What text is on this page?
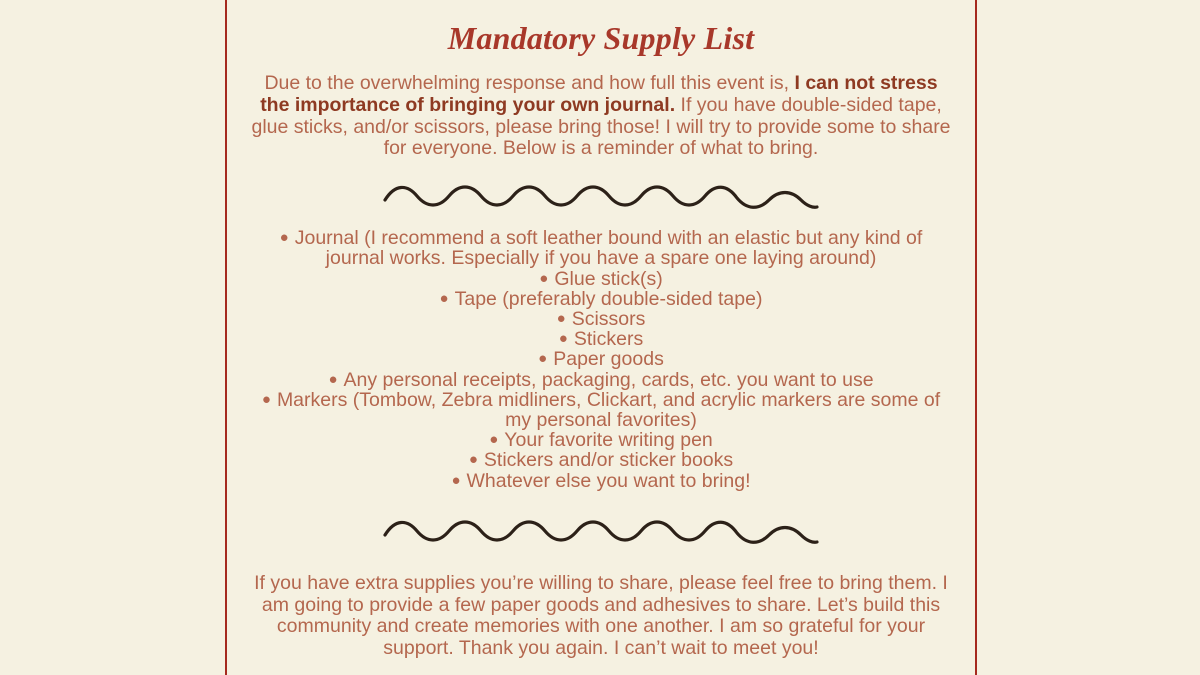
Mandatory Supply List

Due to the overwhelming response and how full this event is, I can not stress the importance of bringing your own journal. If you have double-sided tape, glue sticks, and/or scissors, please bring those! I will try to provide some to share for everyone. Below is a reminder of what to bring.

● Journal (I recommend a soft leather bound with an elastic but any kind of journal works. Especially if you have a spare one laying around)
● Glue stick(s)
● Tape (preferably double-sided tape)
● Scissors
● Stickers
● Paper goods
● Any personal receipts, packaging, cards, etc. you want to use
● Markers (Tombow, Zebra midliners, Clickart, and acrylic markers are some of my personal favorites)
● Your favorite writing pen
● Stickers and/or sticker books
● Whatever else you want to bring!

If you have extra supplies you’re willing to share, please feel free to bring them. I am going to provide a few paper goods and adhesives to share. Let’s build this community and create memories with one another. I am so grateful for your support. Thank you again. I can’t wait to meet you!
